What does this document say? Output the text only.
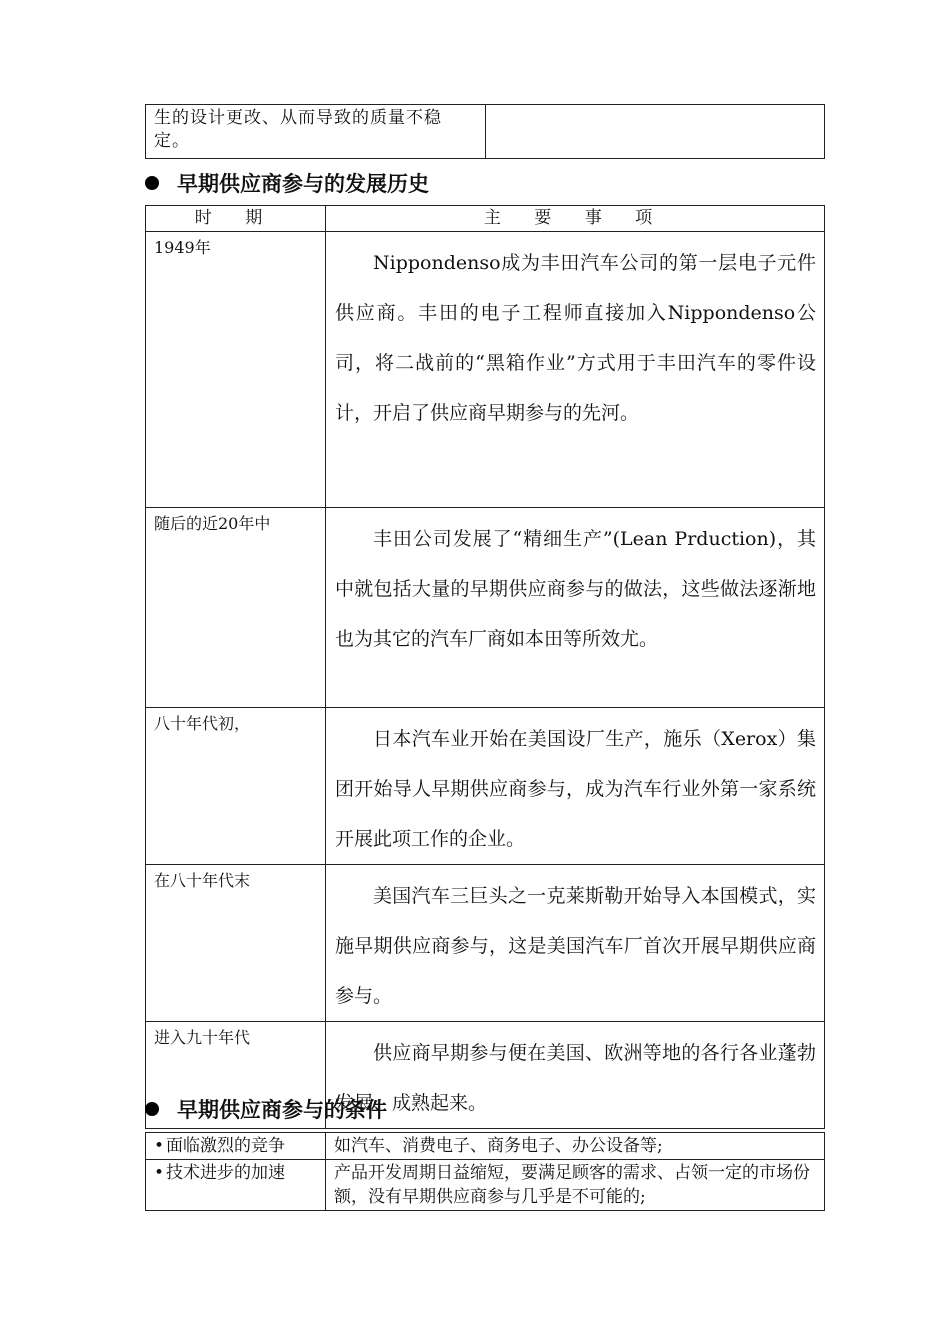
生的设计更改、从而导致的质量不稳定。	
早期供应商参与的发展历史
时 期	主 要 事 项
1949年	Nippondenso成为丰田汽车公司的第一层电子元件供应商。丰田的电子工程师直接加入Nippondenso公司，将二战前的“黑箱作业”方式用于丰田汽车的零件设计，开启了供应商早期参与的先河。

随后的近20年中	丰田公司发展了“精细生产”(Lean Prduction)，其中就包括大量的早期供应商参与的做法，这些做法逐渐地也为其它的汽车厂商如本田等所效尤。

八十年代初，	日本汽车业开始在美国设厂生产，施乐（Xerox）集团开始导人早期供应商参与，成为汽车行业外第一家系统开展此项工作的企业。

在八十年代末	美国汽车三巨头之一克莱斯勒开始导入本国模式，实施早期供应商参与，这是美国汽车厂首次开展早期供应商参与。

进入九十年代	供应商早期参与便在美国、欧洲等地的各行各业蓬勃发展、成熟起来。

早期供应商参与的条件
• 面临激烈的竞争	如汽车、消费电子、商务电子、办公设备等;
• 技术进步的加速	产品开发周期日益缩短，要满足顾客的需求、占领一定的市场份额，没有早期供应商参与几乎是不可能的;
